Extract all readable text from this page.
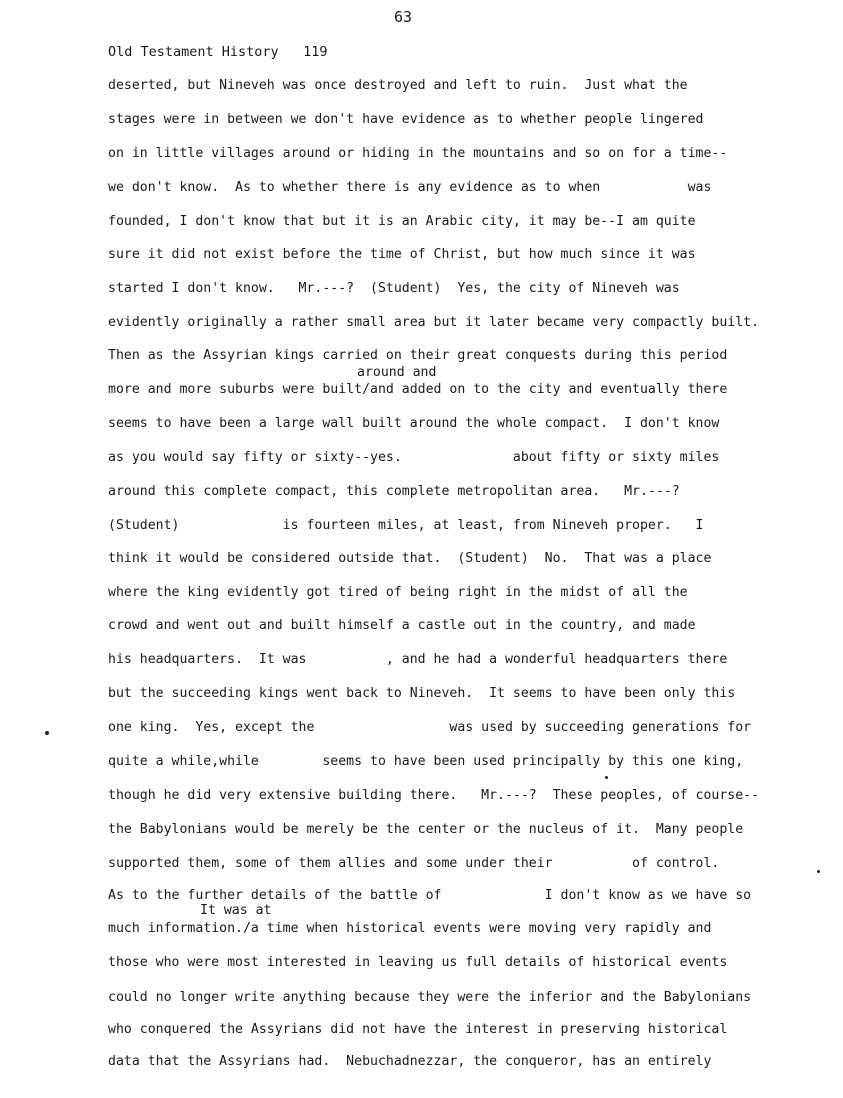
63
Old Testament History   119
deserted, but Nineveh was once destroyed and left to ruin.  Just what the
stages were in between we don't have evidence as to whether people lingered
on in little villages around or hiding in the mountains and so on for a time--
we don't know.  As to whether there is any evidence as to when           was
founded, I don't know that but it is an Arabic city, it may be--I am quite
sure it did not exist before the time of Christ, but how much since it was
started I don't know.   Mr.---?  (Student)  Yes, the city of Nineveh was
evidently originally a rather small area but it later became very compactly built.
Then as the Assyrian kings carried on their great conquests during this period
around and
more and more suburbs were built/and added on to the city and eventually there
seems to have been a large wall built around the whole compact.  I don't know
as you would say fifty or sixty--yes.              about fifty or sixty miles
around this complete compact, this complete metropolitan area.   Mr.---?
(Student)             is fourteen miles, at least, from Nineveh proper.   I
think it would be considered outside that.  (Student)  No.  That was a place
where the king evidently got tired of being right in the midst of all the
crowd and went out and built himself a castle out in the country, and made
his headquarters.  It was          , and he had a wonderful headquarters there
but the succeeding kings went back to Nineveh.  It seems to have been only this
one king.  Yes, except the                 was used by succeeding generations for
quite a while,while        seems to have been used principally by this one king,
though he did very extensive building there.   Mr.---?  These peoples, of course--
the Babylonians would be merely be the center or the nucleus of it.  Many people
supported them, some of them allies and some under their          of control.
As to the further details of the battle of             I don't know as we have so
It was at
much information./a time when historical events were moving very rapidly and
those who were most interested in leaving us full details of historical events
could no longer write anything because they were the inferior and the Babylonians
who conquered the Assyrians did not have the interest in preserving historical
data that the Assyrians had.  Nebuchadnezzar, the conqueror, has an entirely
